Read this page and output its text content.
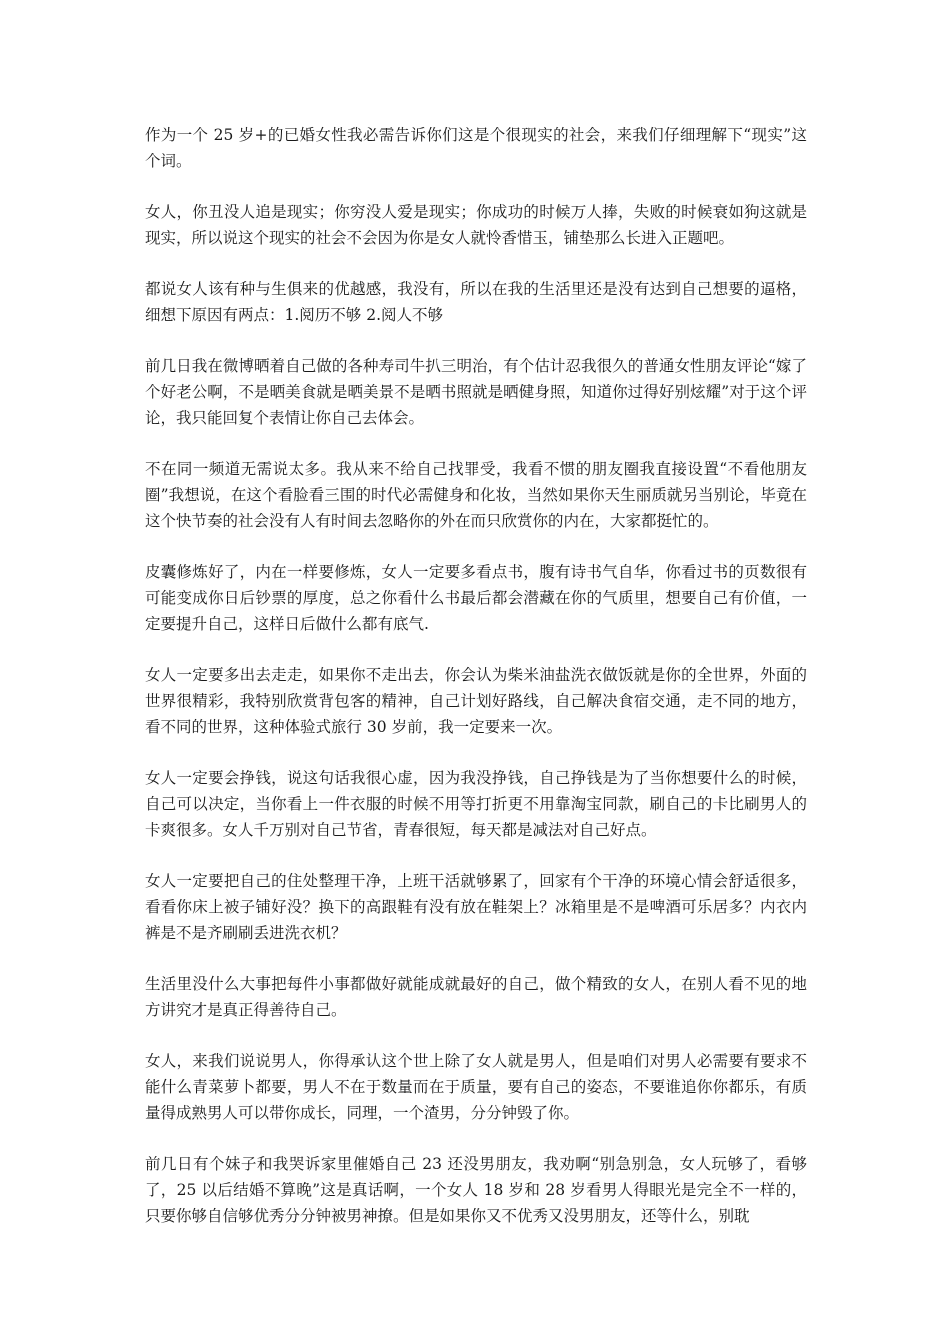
作为一个 25 岁+的已婚女性我必需告诉你们这是个很现实的社会，来我们仔细理解下“现实”这个词。

女人，你丑没人追是现实；你穷没人爱是现实；你成功的时候万人捧，失败的时候衰如狗这就是现实，所以说这个现实的社会不会因为你是女人就怜香惜玉，铺垫那么长进入正题吧。

都说女人该有种与生俱来的优越感，我没有，所以在我的生活里还是没有达到自己想要的逼格，细想下原因有两点：1.阅历不够 2.阅人不够

前几日我在微博晒着自己做的各种寿司牛扒三明治，有个估计忍我很久的普通女性朋友评论“嫁了个好老公啊，不是晒美食就是晒美景不是晒书照就是晒健身照，知道你过得好别炫耀”对于这个评论，我只能回复个表情让你自己去体会。

不在同一频道无需说太多。我从来不给自己找罪受，我看不惯的朋友圈我直接设置“不看他朋友圈”我想说，在这个看脸看三围的时代必需健身和化妆，当然如果你天生丽质就另当别论，毕竟在这个快节奏的社会没有人有时间去忽略你的外在而只欣赏你的内在，大家都挺忙的。

皮囊修炼好了，内在一样要修炼，女人一定要多看点书，腹有诗书气自华，你看过书的页数很有可能变成你日后钞票的厚度，总之你看什么书最后都会潜藏在你的气质里，想要自己有价值，一定要提升自己，这样日后做什么都有底气.

女人一定要多出去走走，如果你不走出去，你会认为柴米油盐洗衣做饭就是你的全世界，外面的世界很精彩，我特别欣赏背包客的精神，自己计划好路线，自己解决食宿交通，走不同的地方，看不同的世界，这种体验式旅行 30 岁前，我一定要来一次。

女人一定要会挣钱，说这句话我很心虚，因为我没挣钱，自己挣钱是为了当你想要什么的时候，自己可以决定，当你看上一件衣服的时候不用等打折更不用靠淘宝同款，刷自己的卡比刷男人的卡爽很多。女人千万别对自己节省，青春很短，每天都是减法对自己好点。

女人一定要把自己的住处整理干净，上班干活就够累了，回家有个干净的环境心情会舒适很多，看看你床上被子铺好没？换下的高跟鞋有没有放在鞋架上？冰箱里是不是啤酒可乐居多？内衣内裤是不是齐刷刷丢进洗衣机？

生活里没什么大事把每件小事都做好就能成就最好的自己，做个精致的女人，在别人看不见的地方讲究才是真正得善待自己。

女人，来我们说说男人，你得承认这个世上除了女人就是男人，但是咱们对男人必需要有要求不能什么青菜萝卜都要，男人不在于数量而在于质量，要有自己的姿态，不要谁追你你都乐，有质量得成熟男人可以带你成长，同理，一个渣男，分分钟毁了你。

前几日有个妹子和我哭诉家里催婚自己 23 还没男朋友，我劝啊“别急别急，女人玩够了，看够了，25 以后结婚不算晚”这是真话啊，一个女人 18 岁和 28 岁看男人得眼光是完全不一样的，只要你够自信够优秀分分钟被男神撩。但是如果你又不优秀又没男朋友，还等什么，别耽
